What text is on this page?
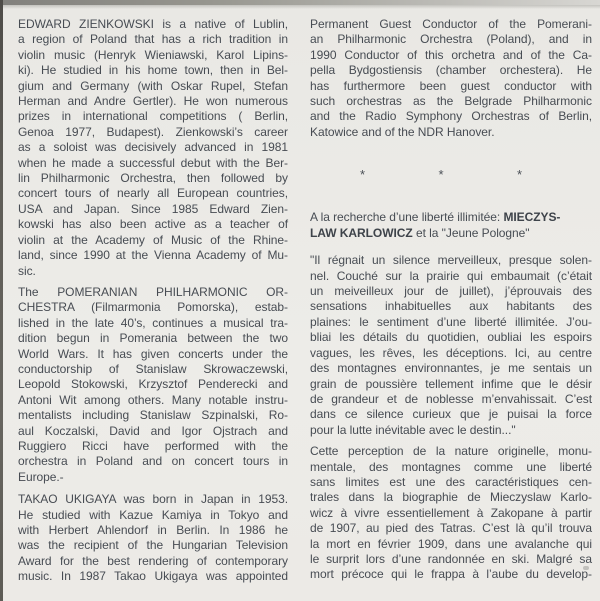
EDWARD ZIENKOWSKI is a native of Lublin,
a region of Poland that has a rich tradition in
violin music (Henryk Wieniawski, Karol Lipins-
ki). He studied in his home town, then in Bel-
gium and Germany (with Oskar Rupel, Stefan
Herman and Andre Gertler). He won numerous
prizes in international competitions ( Berlin,
Genoa 1977, Budapest). Zienkowski’s career
as a soloist was decisively advanced in 1981
when he made a successful debut with the Ber-
lin Philharmonic Orchestra, then followed by
concert tours of nearly all European countries,
USA and Japan. Since 1985 Edward Zien-
kowski has also been active as a teacher of
violin at the Academy of Music of the Rhine-
land, since 1990 at the Vienna Academy of Mu-
sic.
The POMERANIAN PHILHARMONIC OR-
CHESTRA (Filmarmonia Pomorska), estab-
lished in the late 40’s, continues a musical tra-
dition begun in Pomerania between the two
World Wars. It has given concerts under the
conductorship of Stanislaw Skrowaczewski,
Leopold Stokowski, Krzysztof Penderecki and
Antoni Wit among others. Many notable instru-
mentalists including Stanislaw Szpinalski, Ro-
aul Koczalski, David and Igor Ojstrach and
Ruggiero Ricci have performed with the
orchestra in Poland and on concert tours in
Europe.-
TAKAO UKIGAYA was born in Japan in 1953.
He studied with Kazue Kamiya in Tokyo and
with Herbert Ahlendorf in Berlin. In 1986 he
was the recipient of the Hungarian Television
Award for the best rendering of contemporary
music. In 1987 Takao Ukigaya was appointed
Permanent Guest Conductor of the Pomerani-
an Philharmonic Orchestra (Poland), and in
1990 Conductor of this orchetra and of the Ca-
pella Bydgostiensis (chamber orchestera). He
has furthermore been guest conductor with
such orchestras as the Belgrade Philharmonic
and the Radio Symphony Orchestras of Berlin,
Katowice and of the NDR Hanover.
*	*	*
A la recherche d’une liberté illimitée: MIECZYS-
LAW KARLOWICZ et la "Jeune Pologne"
"Il régnait un silence merveilleux, presque solen-
nel. Couché sur la prairie qui embaumait (c’était
un meiveilleux jour de juillet), j’éprouvais des
sensations inhabituelles aux habitants des
plaines: le sentiment d’une liberté illimitée. J’ou-
bliai les détails du quotidien, oubliai les espoirs
vagues, les rêves, les déceptions. Ici, au centre
des montagnes environnantes, je me sentais un
grain de poussière tellement infime que le désir
de grandeur et de noblesse m’envahissait. C’est
dans ce silence curieux que je puisai la force
pour la lutte inévitable avec le destin..."
Cette perception de la nature originelle, monu-
mentale, des montagnes comme une liberté
sans limites est une des caractéristiques cen-
trales dans la biographie de Mieczyslaw Karlo-
wicz à vivre essentiellement à Zakopane à partir
de 1907, au pied des Tatras. C’est là qu’il trouva
la mort en février 1909, dans une avalanche qui
le surprit lors d’une randonnée en ski. Malgré sa
mort précoce qui le frappa à l’aube du develop-
